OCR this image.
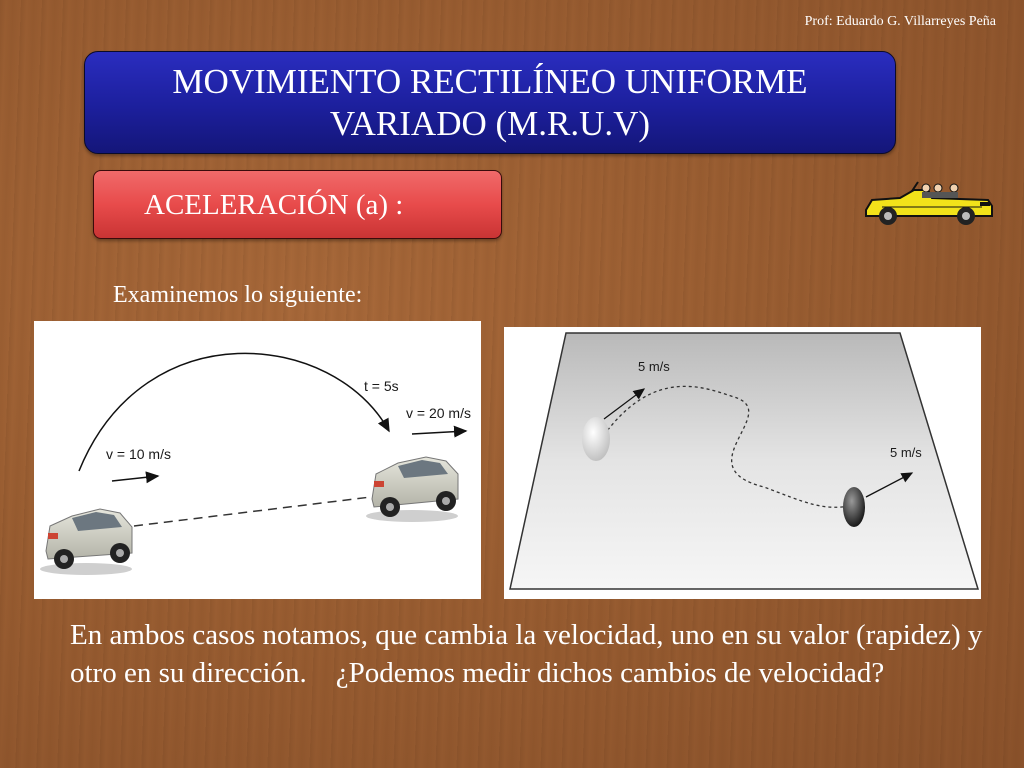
Prof: Eduardo G. Villarreyes Peña
MOVIMIENTO RECTILÍNEO UNIFORME
VARIADO (M.R.U.V)
ACELERACIÓN (a) :
Examinemos lo siguiente:
v = 10 m/s
t = 5s
v = 20 m/s
5 m/s
5 m/s
En ambos casos notamos, que cambia la velocidad, uno en su valor (rapidez) y otro en su dirección. ¿Podemos medir dichos cambios de velocidad?
